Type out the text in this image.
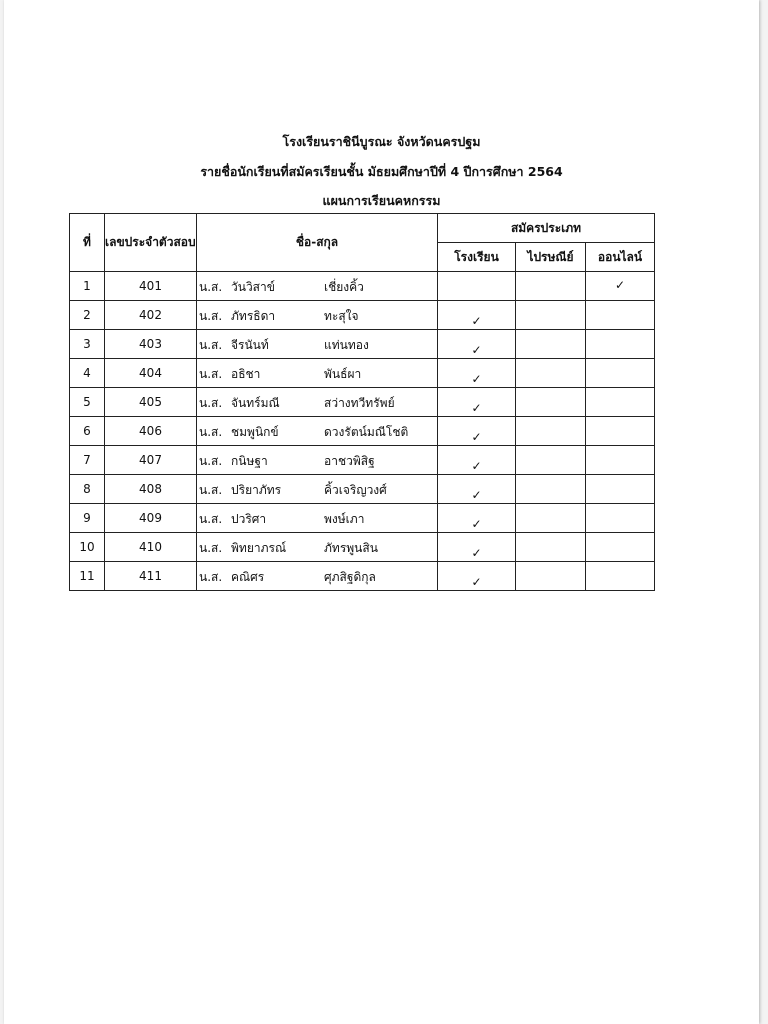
โรงเรียนราชินีบูรณะ จังหวัดนครปฐม
รายชื่อนักเรียนที่สมัครเรียนชั้น มัธยมศึกษาปีที่ 4 ปีการศึกษา 2564
แผนการเรียนคหกรรม
ที่	เลขประจำตัวสอบ	ชื่อ-สกุล	สมัครประเภท		
			โรงเรียน	ไปรษณีย์	ออนไลน์
1	401	น.ส. วันวิสาข์ เชี่ยงคิ้ว			✓
2	402	น.ส. ภัทรธิดา ทะสุใจ	✓		
3	403	น.ส. จีรนันท์ แท่นทอง	✓		
4	404	น.ส. อธิชา พันธ์ผา	✓		
5	405	น.ส. จันทร์มณี สว่างทวีทรัพย์	✓		
6	406	น.ส. ชมพูนิกข์ ดวงรัตน์มณีโชติ	✓		
7	407	น.ส. กนิษฐา อาชวพิสิฐ	✓		
8	408	น.ส. ปริยาภัทร คิ้วเจริญวงศ์	✓		
9	409	น.ส. ปวริศา พงษ์เภา	✓		
10	410	น.ส. พิทยาภรณ์ ภัทรพูนสิน	✓		
11	411	น.ส. คณิศร ศุภสิฐดิกุล	✓		
